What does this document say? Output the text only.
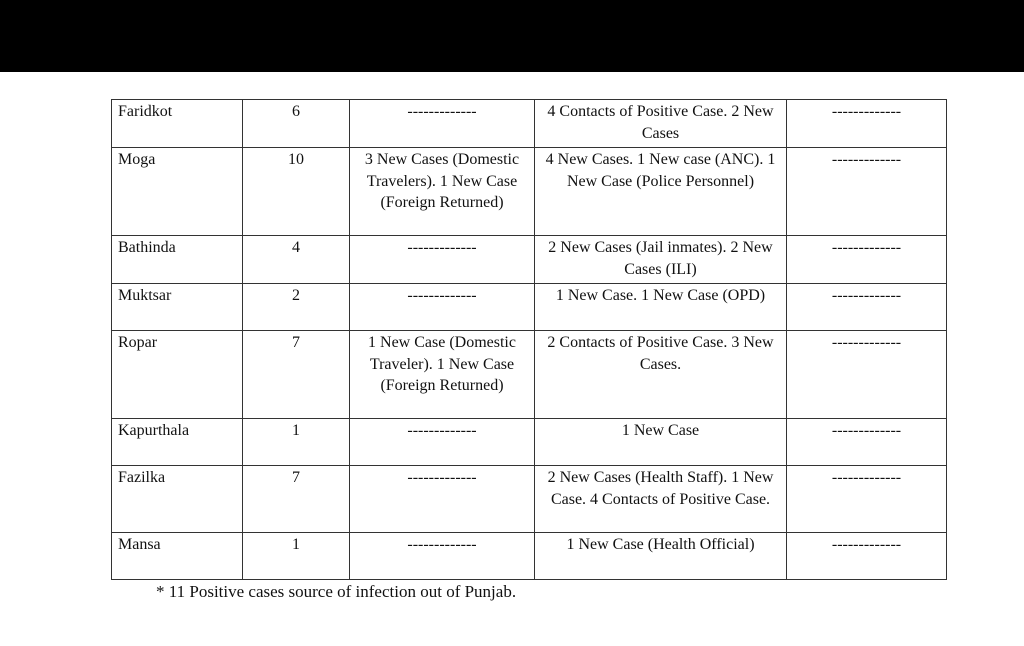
Faridkot	6	-------------	4 Contacts of Positive Case. 2 New Cases	-------------
Moga	10	3 New Cases (Domestic Travelers). 1 New Case (Foreign Returned)	4 New Cases. 1 New case (ANC). 1 New Case (Police Personnel)	-------------
Bathinda	4	-------------	2 New Cases (Jail inmates). 2 New Cases (ILI)	-------------
Muktsar	2	-------------	1 New Case. 1 New Case (OPD)	-------------
Ropar	7	1 New Case (Domestic Traveler). 1 New Case (Foreign Returned)	2 Contacts of Positive Case. 3 New Cases.	-------------
Kapurthala	1	-------------	1 New Case	-------------
Fazilka	7	-------------	2 New Cases (Health Staff). 1 New Case. 4 Contacts of Positive Case.	-------------
Mansa	1	-------------	1 New Case (Health Official)	-------------
* 11 Positive cases source of infection out of Punjab.
